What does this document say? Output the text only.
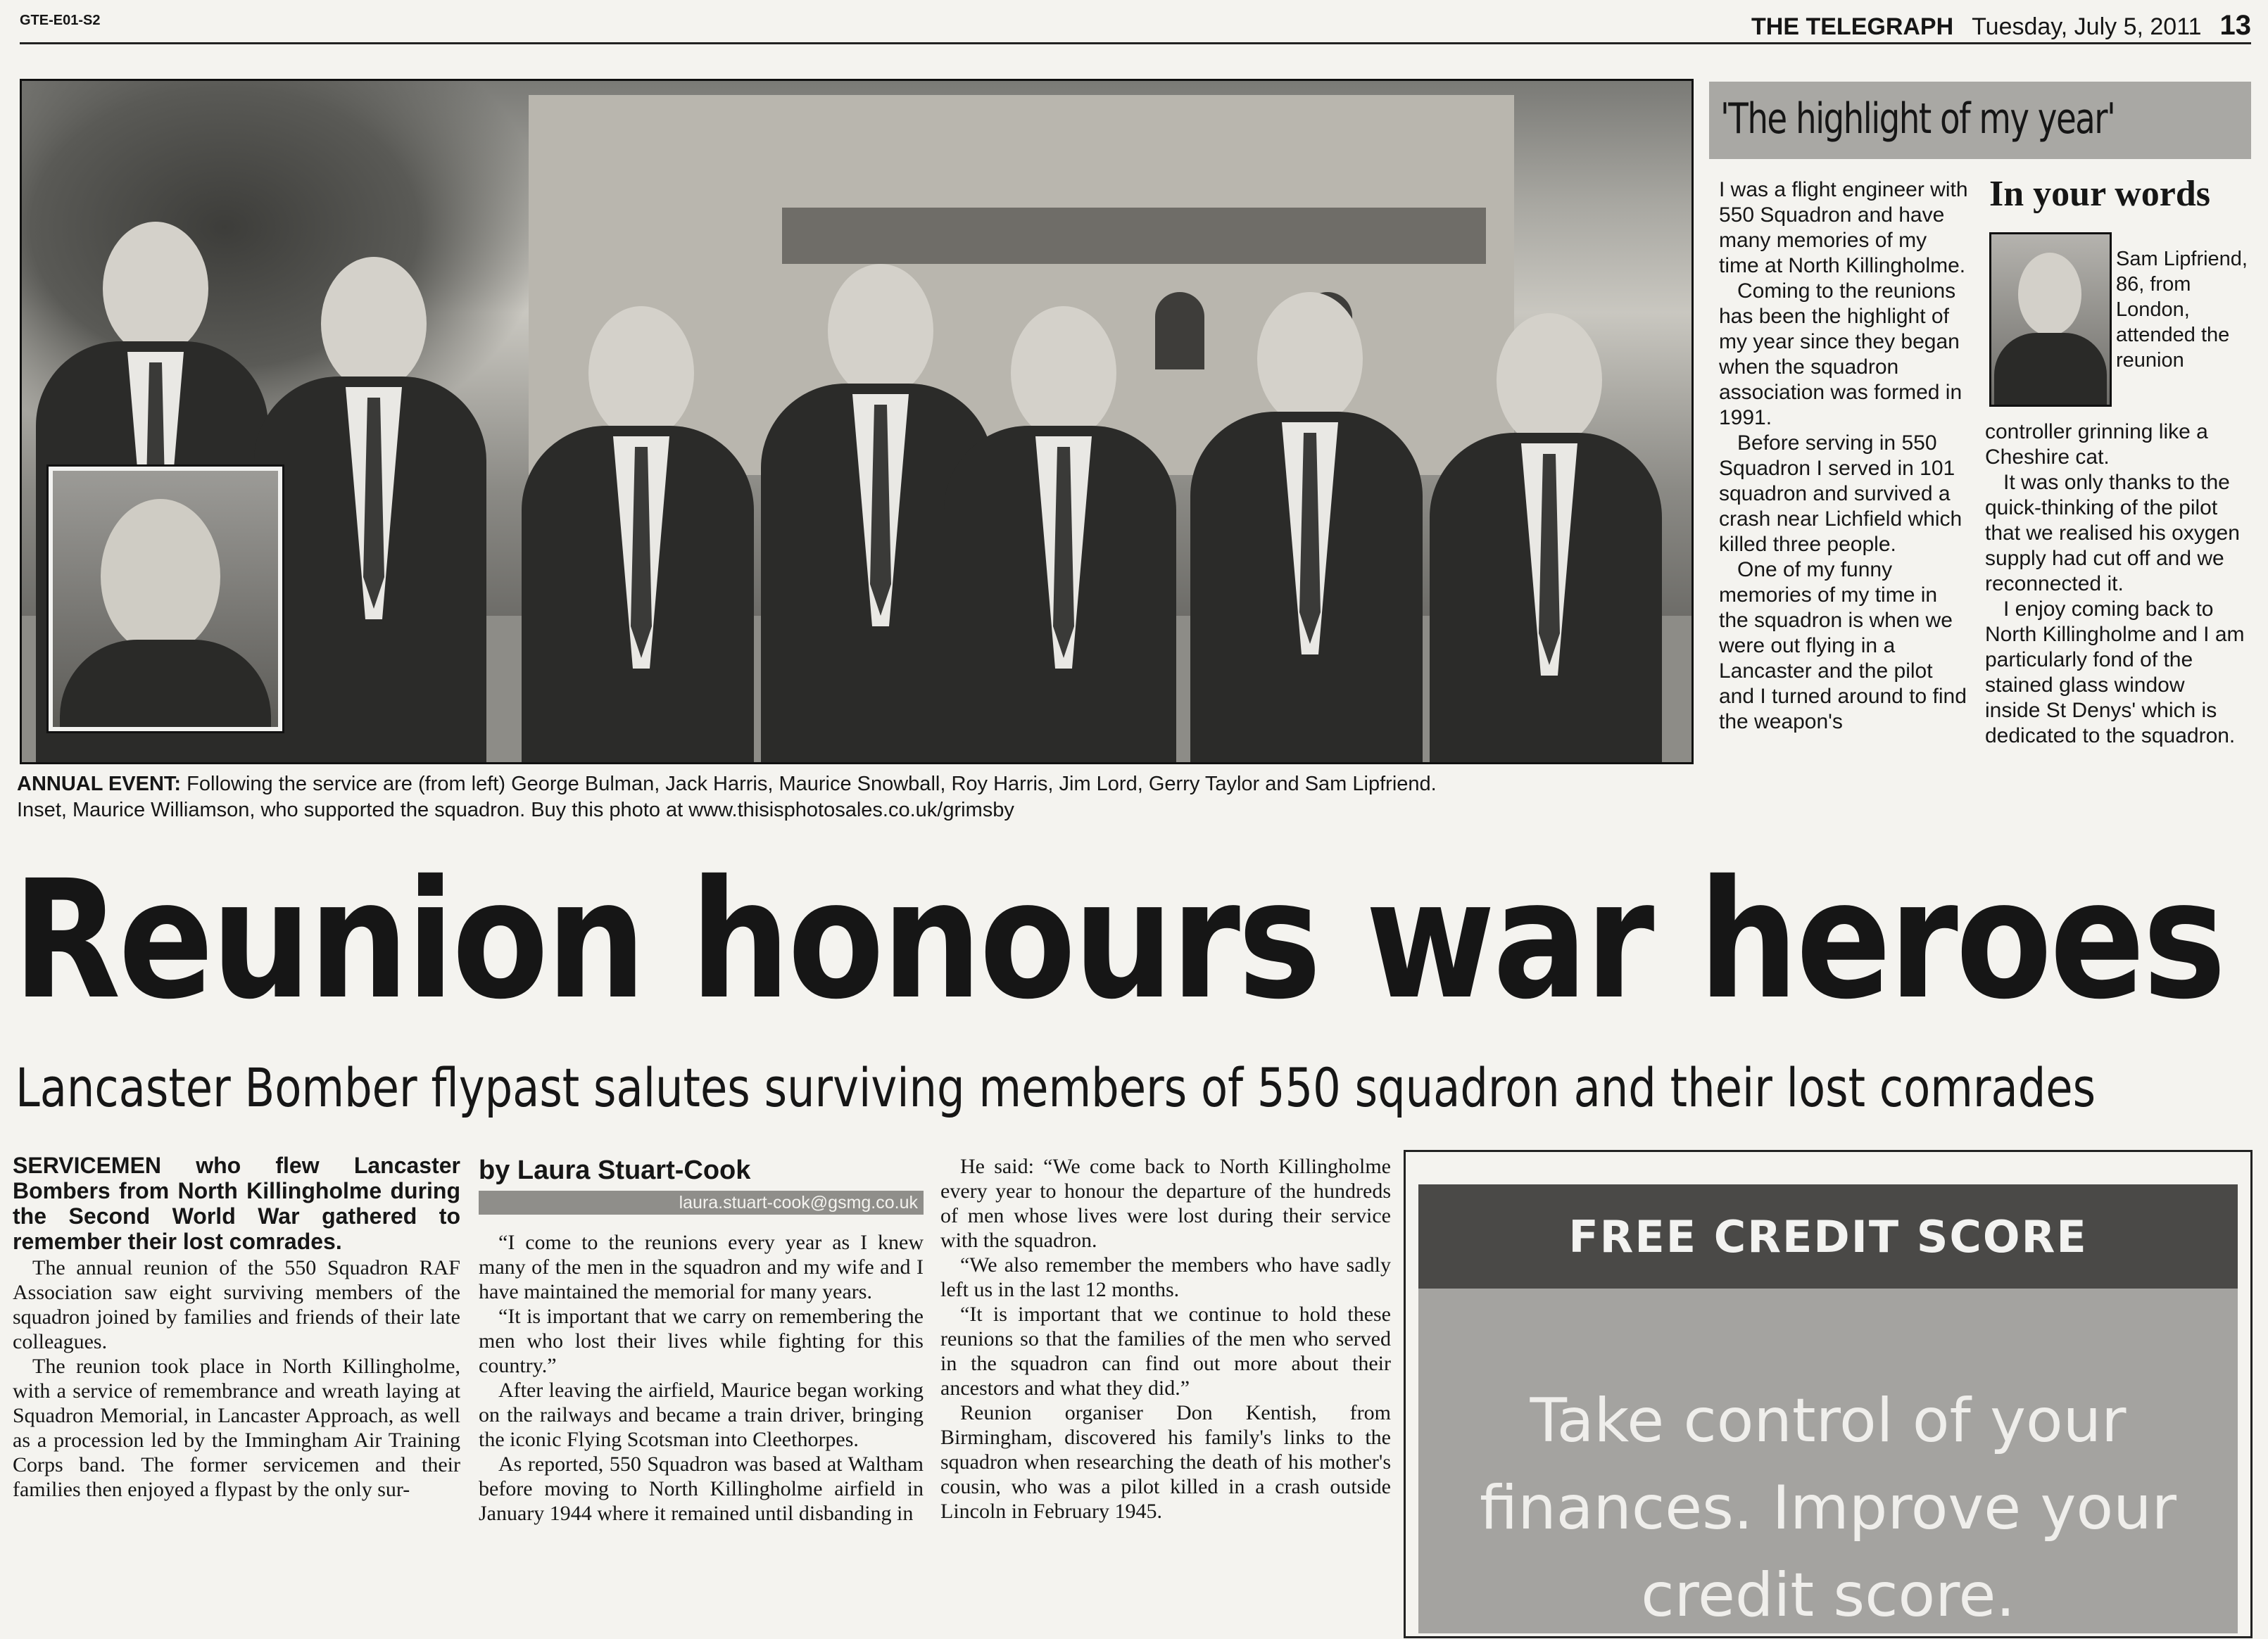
GTE-E01-S2	THE TELEGRAPH Tuesday, July 5, 2011 13
ANNUAL EVENT: Following the service are (from left) George Bulman, Jack Harris, Maurice Snowball, Roy Harris, Jim Lord, Gerry Taylor and Sam Lipfriend.
Inset, Maurice Williamson, who supported the squadron. Buy this photo at www.thisisphotosales.co.uk/grimsby
'The highlight of my year'

I was a flight engineer with 550 Squadron and have many memories of my time at North Killingholme.

Coming to the reunions has been the highlight of my year since they began when the squadron association was formed in 1991.

Before serving in 550 Squadron I served in 101 squadron and survived a crash near Lichfield which killed three people.

One of my funny memories of my time in the squadron is when we were out flying in a Lancaster and the pilot and I turned around to find the weapon's

In your words
Sam Lipfriend, 86, from London, attended the reunion

controller grinning like a Cheshire cat.

It was only thanks to the quick-thinking of the pilot that we realised his oxygen supply had cut off and we reconnected it.

I enjoy coming back to North Killingholme and I am particularly fond of the stained glass window inside St Denys' which is dedicated to the squadron.

Reunion honours war heroes
Lancaster Bomber flypast salutes surviving members of 550 squadron and their lost comrades

SERVICEMEN who flew Lancaster Bombers from North Killingholme during the Second World War gathered to remember their lost comrades.

The annual reunion of the 550 Squadron RAF Association saw eight surviving members of the squadron joined by families and friends of their late colleagues.

The reunion took place in North Killingholme, with a service of remembrance and wreath laying at Squadron Memorial, in Lancaster Approach, as well as a procession led by the Immingham Air Training Corps band. The former servicemen and their families then enjoyed a flypast by the only sur-

by Laura Stuart-Cook
laura.stuart-cook@gsmg.co.uk

“I come to the reunions every year as I knew many of the men in the squadron and my wife and I have maintained the memorial for many years.

“It is important that we carry on remembering the men who lost their lives while fighting for this country.”

After leaving the airfield, Maurice began working on the railways and became a train driver, bringing the iconic Flying Scotsman into Cleethorpes.

As reported, 550 Squadron was based at Waltham before moving to North Killingholme airfield in January 1944 where it remained until disbanding in

He said: “We come back to North Killingholme every year to honour the departure of the hundreds of men whose lives were lost during their service with the squadron.

“We also remember the members who have sadly left us in the last 12 months.

“It is important that we continue to hold these reunions so that the families of the men who served in the squadron can find out more about their ancestors and what they did.”

Reunion organiser Don Kentish, from Birmingham, discovered his family's links to the squadron when researching the death of his mother's cousin, who was a pilot killed in a crash outside Lincoln in February 1945.

FREE CREDIT SCORE
Take control of your finances. Improve your credit score.
